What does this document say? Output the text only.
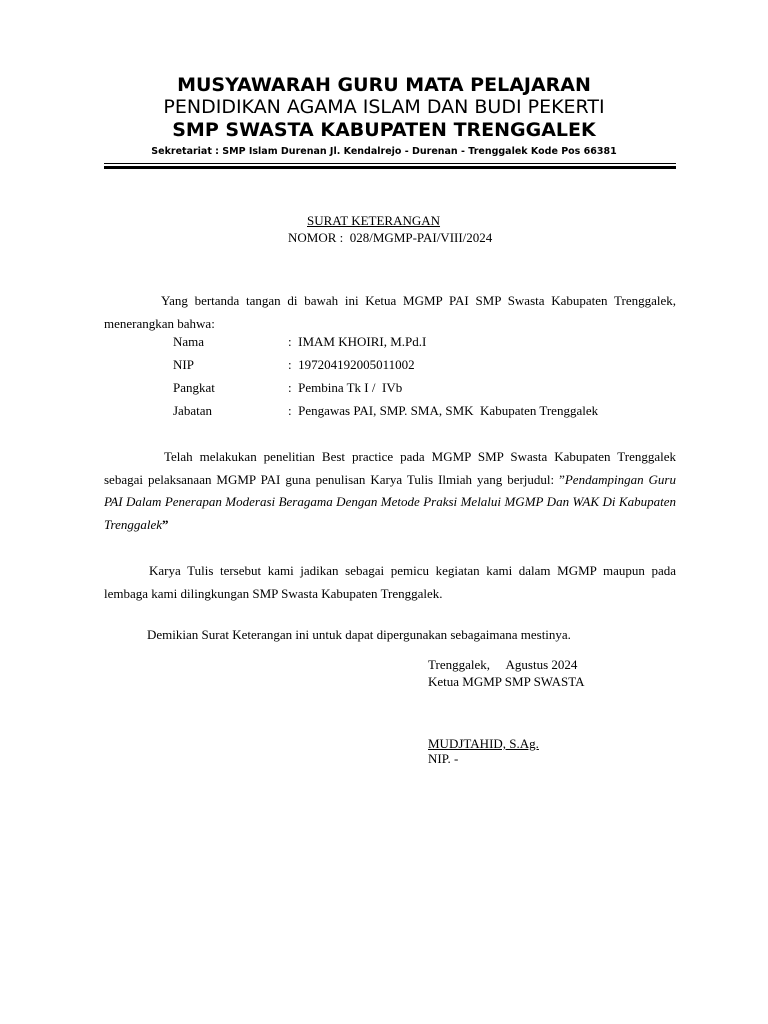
MUSYAWARAH GURU MATA PELAJARAN
PENDIDIKAN AGAMA ISLAM DAN BUDI PEKERTI
SMP SWASTA KABUPATEN TRENGGALEK
Sekretariat : SMP Islam Durenan Jl. Kendalrejo - Durenan - Trenggalek Kode Pos 66381
SURAT KETERANGAN
NOMOR :  028/MGMP-PAI/VIII/2024
Yang bertanda tangan di bawah ini Ketua MGMP PAI SMP Swasta Kabupaten Trenggalek, menerangkan bahwa:
Nama	:  IMAM KHOIRI, M.Pd.I
NIP	:  197204192005011002
Pangkat	:  Pembina Tk I /  IVb
Jabatan	:  Pengawas PAI, SMP. SMA, SMK  Kabupaten Trenggalek
Telah melakukan penelitian Best practice pada MGMP SMP Swasta Kabupaten Trenggalek sebagai pelaksanaan MGMP PAI guna penulisan Karya Tulis Ilmiah yang berjudul: ”Pendampingan Guru PAI Dalam Penerapan Moderasi Beragama Dengan Metode Praksi Melalui MGMP Dan WAK Di Kabupaten Trenggalek”
Karya Tulis tersebut kami jadikan sebagai pemicu kegiatan kami dalam MGMP maupun pada lembaga kami dilingkungan SMP Swasta Kabupaten Trenggalek.
Demikian Surat Keterangan ini untuk dapat dipergunakan sebagaimana mestinya.
Trenggalek,     Agustus 2024
Ketua MGMP SMP SWASTA
MUDJTAHID, S.Ag.
NIP. -
